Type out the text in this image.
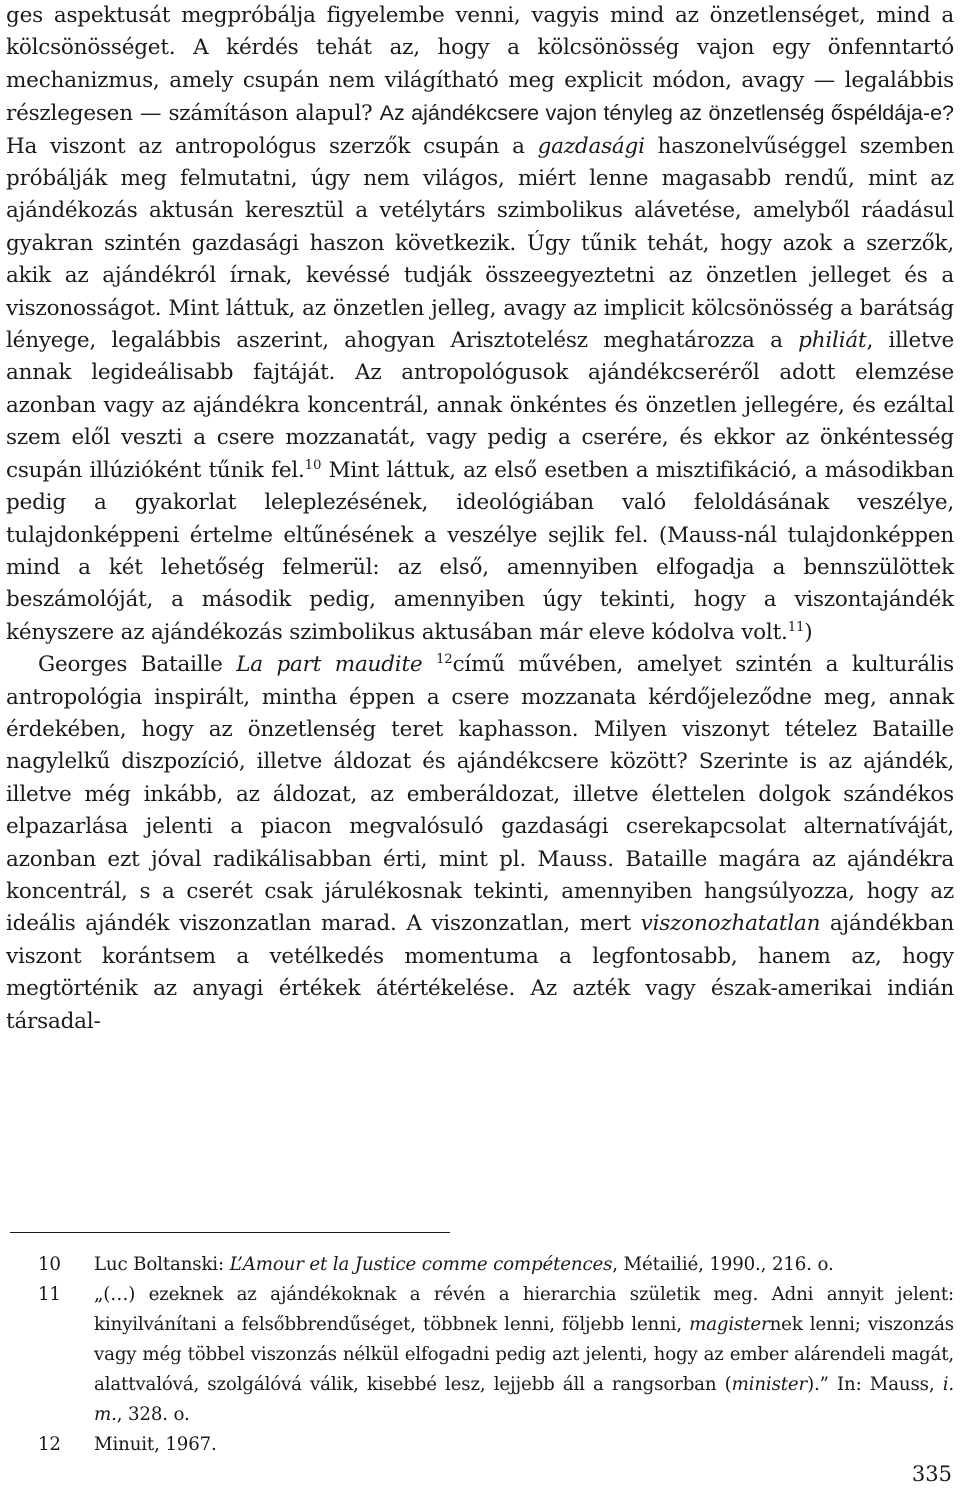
ges aspektusát megpróbálja figyelembe venni, vagyis mind az önzetlenséget, mind a kölcsönösséget. A kérdés tehát az, hogy a kölcsönösség vajon egy önfenntartó mechanizmus, amely csupán nem világítható meg explicit módon, avagy — legalábbis részlegesen — számításon alapul? Az ajándékcsere vajon tényleg az önzetlenség őspéldája-e? Ha viszont az antropológus szerzők csupán a gazdasági haszonelvűséggel szemben próbálják meg felmutatni, úgy nem világos, miért lenne magasabb rendű, mint az ajándékozás aktusán keresztül a vetélytárs szimbolikus alávetése, amelyből ráadásul gyakran szintén gazdasági haszon következik. Úgy tűnik tehát, hogy azok a szerzők, akik az ajándékról írnak, kevéssé tudják összeegyeztetni az önzetlen jelleget és a viszonosságot. Mint láttuk, az önzetlen jelleg, avagy az implicit kölcsönösség a barátság lényege, legalábbis aszerint, ahogyan Arisztotelész meghatározza a philiát, illetve annak legideálisabb fajtáját. Az antropológusok ajándékcseréről adott elemzése azonban vagy az ajándékra koncentrál, annak önkéntes és önzetlen jellegére, és ezáltal szem elől veszti a csere mozzanatát, vagy pedig a cserére, és ekkor az önkéntesség csupán illúzióként tűnik fel.$^{10}$ Mint láttuk, az első esetben a misztifikáció, a másodikban pedig a gyakorlat leleplezésének, ideológiában való feloldásának veszélye, tulajdonképpeni értelme eltűnésének a veszélye sejlik fel. (Mauss-nál tulajdonképpen mind a két lehetőség felmerül: az első, amennyiben elfogadja a bennszülöttek beszámolóját, a második pedig, amennyiben úgy tekinti, hogy a viszontajándék kényszere az ajándékozás szimbolikus aktusában már eleve kódolva volt.$^{11}$)

Georges Bataille La part maudite $^{12}$című művében, amelyet szintén a kulturális antropológia inspirált, mintha éppen a csere mozzanata kérdőjeleződne meg, annak érdekében, hogy az önzetlenség teret kaphasson. Milyen viszonyt tételez Bataille nagylelkű diszpozíció, illetve áldozat és ajándékcsere között? Szerinte is az ajándék, illetve még inkább, az áldozat, az emberáldozat, illetve élettelen dolgok szándékos elpazarlása jelenti a piacon megvalósuló gazdasági cserekapcsolat alternatíváját, azonban ezt jóval radikálisabban érti, mint pl. Mauss. Bataille magára az ajándékra koncentrál, s a cserét csak járulékosnak tekinti, amennyiben hangsúlyozza, hogy az ideális ajándék viszonzatlan marad. A viszonzatlan, mert viszonozhatatlan ajándékban viszont korántsem a vetélkedés momentuma a legfontosabb, hanem az, hogy megtörténik az anyagi értékek átértékelése. Az azték vagy észak-amerikai indián társadal-

10 Luc Boltanski: L’Amour et la Justice comme compétences, Métailié, 1990., 216. o.

11 „(…) ezeknek az ajándékoknak a révén a hierarchia születik meg. Adni annyit jelent: kinyilvánítani a felsőbbrendűséget, többnek lenni, följebb lenni, magisternek lenni; viszonzás vagy még többel viszonzás nélkül elfogadni pedig azt jelenti, hogy az ember alárendeli magát, alattvalóvá, szolgálóvá válik, kisebbé lesz, lejjebb áll a rangsorban (minister).” In: Mauss, i. m., 328. o.

12 Minuit, 1967.

335
